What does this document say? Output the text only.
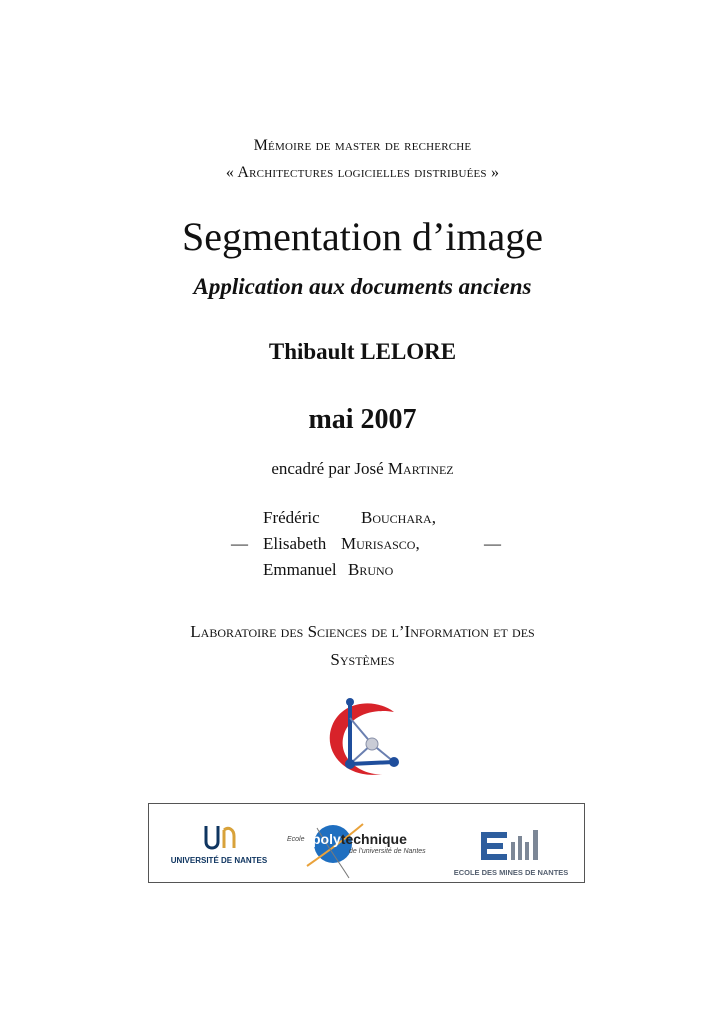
Mémoire de master de recherche
« Architectures logicielles distribuées »
Segmentation d’image
Application aux documents anciens
Thibault LELORE
mai 2007
encadré par José Martinez
Frédéric Bouchara,
— Elisabeth Murisasco,	—
Emmanuel Bruno
Laboratoire des Sciences de l’Information et des
Systèmes
UNIVERSITÉ DE NANTES
Ecole polytechnique
de l’université de Nantes
ECOLE DES MINES DE NANTES
